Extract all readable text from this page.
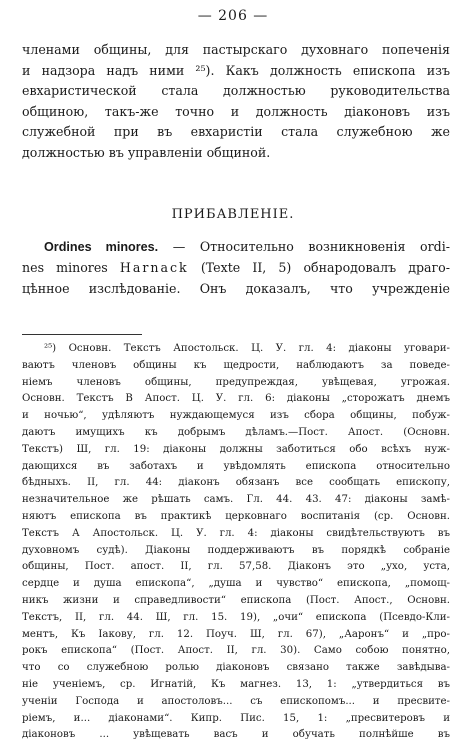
— 206 —
членами общины, для пастырскаго духовнаго попеченія
и надзора надъ ними ²⁵). Какъ должность епископа изъ
евхаристической стала должностью руководительства
общиною, такъ-же точно и должность діаконовъ изъ
служебной при въ евхаристіи стала служебною же
должностью въ управленіи общиной.
ПРИБАВЛЕНІЕ.
Ordines minores. — Относительно возникновенія ordi-
nes minores Harnack (Texte II, 5) обнародовалъ драго-
цѣнное изслѣдованіе. Онъ доказалъ, что учрежденіе
²⁵) Основн. Текстъ Апостольск. Ц. У. гл. 4: діаконы уговари-
ваютъ членовъ общины къ щедрости, наблюдаютъ за поведе-
ніемъ членовъ общины, предупреждая, увѣщевая, угрожая.
Основн. Текстъ В Апост. Ц. У. гл. 6: діаконы „сторожатъ днемъ
и ночью“, удѣляютъ нуждающемуся изъ сбора общины, побуж-
даютъ имущихъ къ добрымъ дѣламъ.—Пост. Апост. (Основн.
Текстъ) Ш, гл. 19: діаконы должны заботиться обо всѣхъ нуж-
дающихся въ заботахъ и увѣдомлять епископа относительно
бѣдныхъ. II, гл. 44: діаконъ обязанъ все сообщать епископу,
незначительное же рѣшать самъ. Гл. 44. 43. 47: діаконы замѣ-
няютъ епископа въ практикѣ церковнаго воспитанія (ср. Основн.
Текстъ А Апостольск. Ц. У. гл. 4: діаконы свидѣтельствуютъ въ
духовномъ судѣ). Діаконы поддерживаютъ въ порядкѣ собраніе
общины, Пост. апост. II, гл. 57,58. Діаконъ это „ухо, уста,
сердце и душа епископа“, „душа и чувство“ епископа, „помощ-
никъ жизни и справедливости“ епископа (Пост. Апост., Основн.
Текстъ, II, гл. 44. Ш, гл. 15. 19), „очи“ епископа (Псевдо-Кли-
ментъ, Къ Іакову, гл. 12. Поуч. Ш, гл. 67), „Аaронъ“ и „про-
рокъ епископа“ (Пост. Апост. II, гл. 30). Само собою понятно,
что со служебною ролью діаконовъ связано также завѣдыва-
ніе ученіемъ, ср. Игнатій, Къ магнез. 13, 1: „утвердиться въ
ученіи Господа и апостоловъ... съ епископомъ... и пресвите-
ріемъ, и... діаконами“. Кипр. Пис. 15, 1: „пресвитеровъ и
діаконовъ ... увѣщевать васъ и обучать полнѣйше въ
